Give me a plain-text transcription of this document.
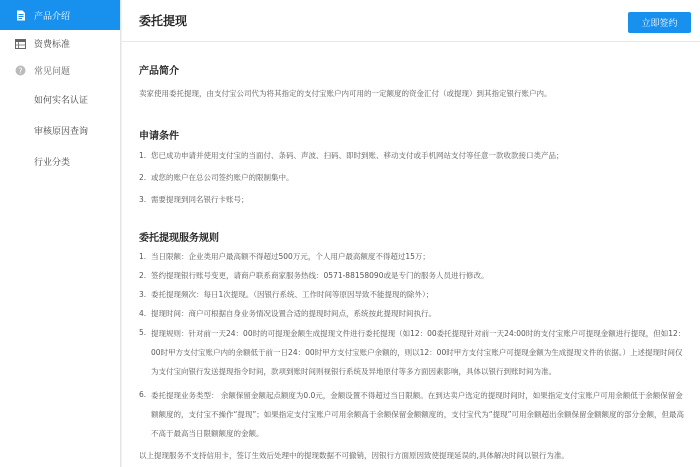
产品介绍
资费标准
? 常见问题
如何实名认证
审核原因查询
行业分类
委托提现	立即签约
产品简介

卖家使用委托提现，由支付宝公司代为将其指定的支付宝账户内可用的一定额度的资金汇付（或提现）到其指定银行账户内。

申请条件
1. 您已成功申请并使用支付宝的当面付、条码、声波、扫码、即时到账、移动支付或手机网站支付等任意一款收款接口类产品；
2. 或您的账户在总公司签约账户的限制集中。
3. 需要提现到同名银行卡账号；
委托提现服务规则
1. 当日限额：企业类用户最高额不得超过500万元，个人用户最高额度不得超过15万；
2. 签约提现银行账号变更，请商户联系商家服务热线：0571-88158090或是专门的服务人员进行修改。
3. 委托提现频次：每日1次提现。（因银行系统、工作时间等原因导致不能提现的除外）；
4. 提现时间：商户可根据自身业务情况设置合适的提现时间点，系统按此提现时间执行。
5. 提现规则：针对前一天24：00时的可提现金额生成提现文件进行委托提现（如12：00委托提现针对前一天24:00时的支付宝账户可提现金额进行提现，但如12：00时甲方支付宝账户内的余额低于前一日24：00时甲方支付宝账户余额的，则以12：00时甲方支付宝账户可提现金额为生成提现文件的依据。）上述提现时间仅为支付宝向银行发送提现指令时间，款项到账时间则视银行系统及异地原付等多方面因素影响，具体以银行到账时间为准。
6. 委托提现业务类型： 余额保留金额起点额度为0.0元，金额设置不得超过当日限额。在到达卖户选定的提现时间时，如果指定支付宝账户可用余额低于余额保留金额额度的，支付宝不操作“提现”；如果指定支付宝账户可用余额高于余额保留金额额度的，支付宝代为“提现”可用余额超出余额保留金额额度的部分金额，但最高不高于最高当日限额额度的金额。

以上提现服务不支持信用卡，签订生效后处理中的提现数据不可撤销，因银行方面原因致使提现延误的,具体解决时间以银行为准。
